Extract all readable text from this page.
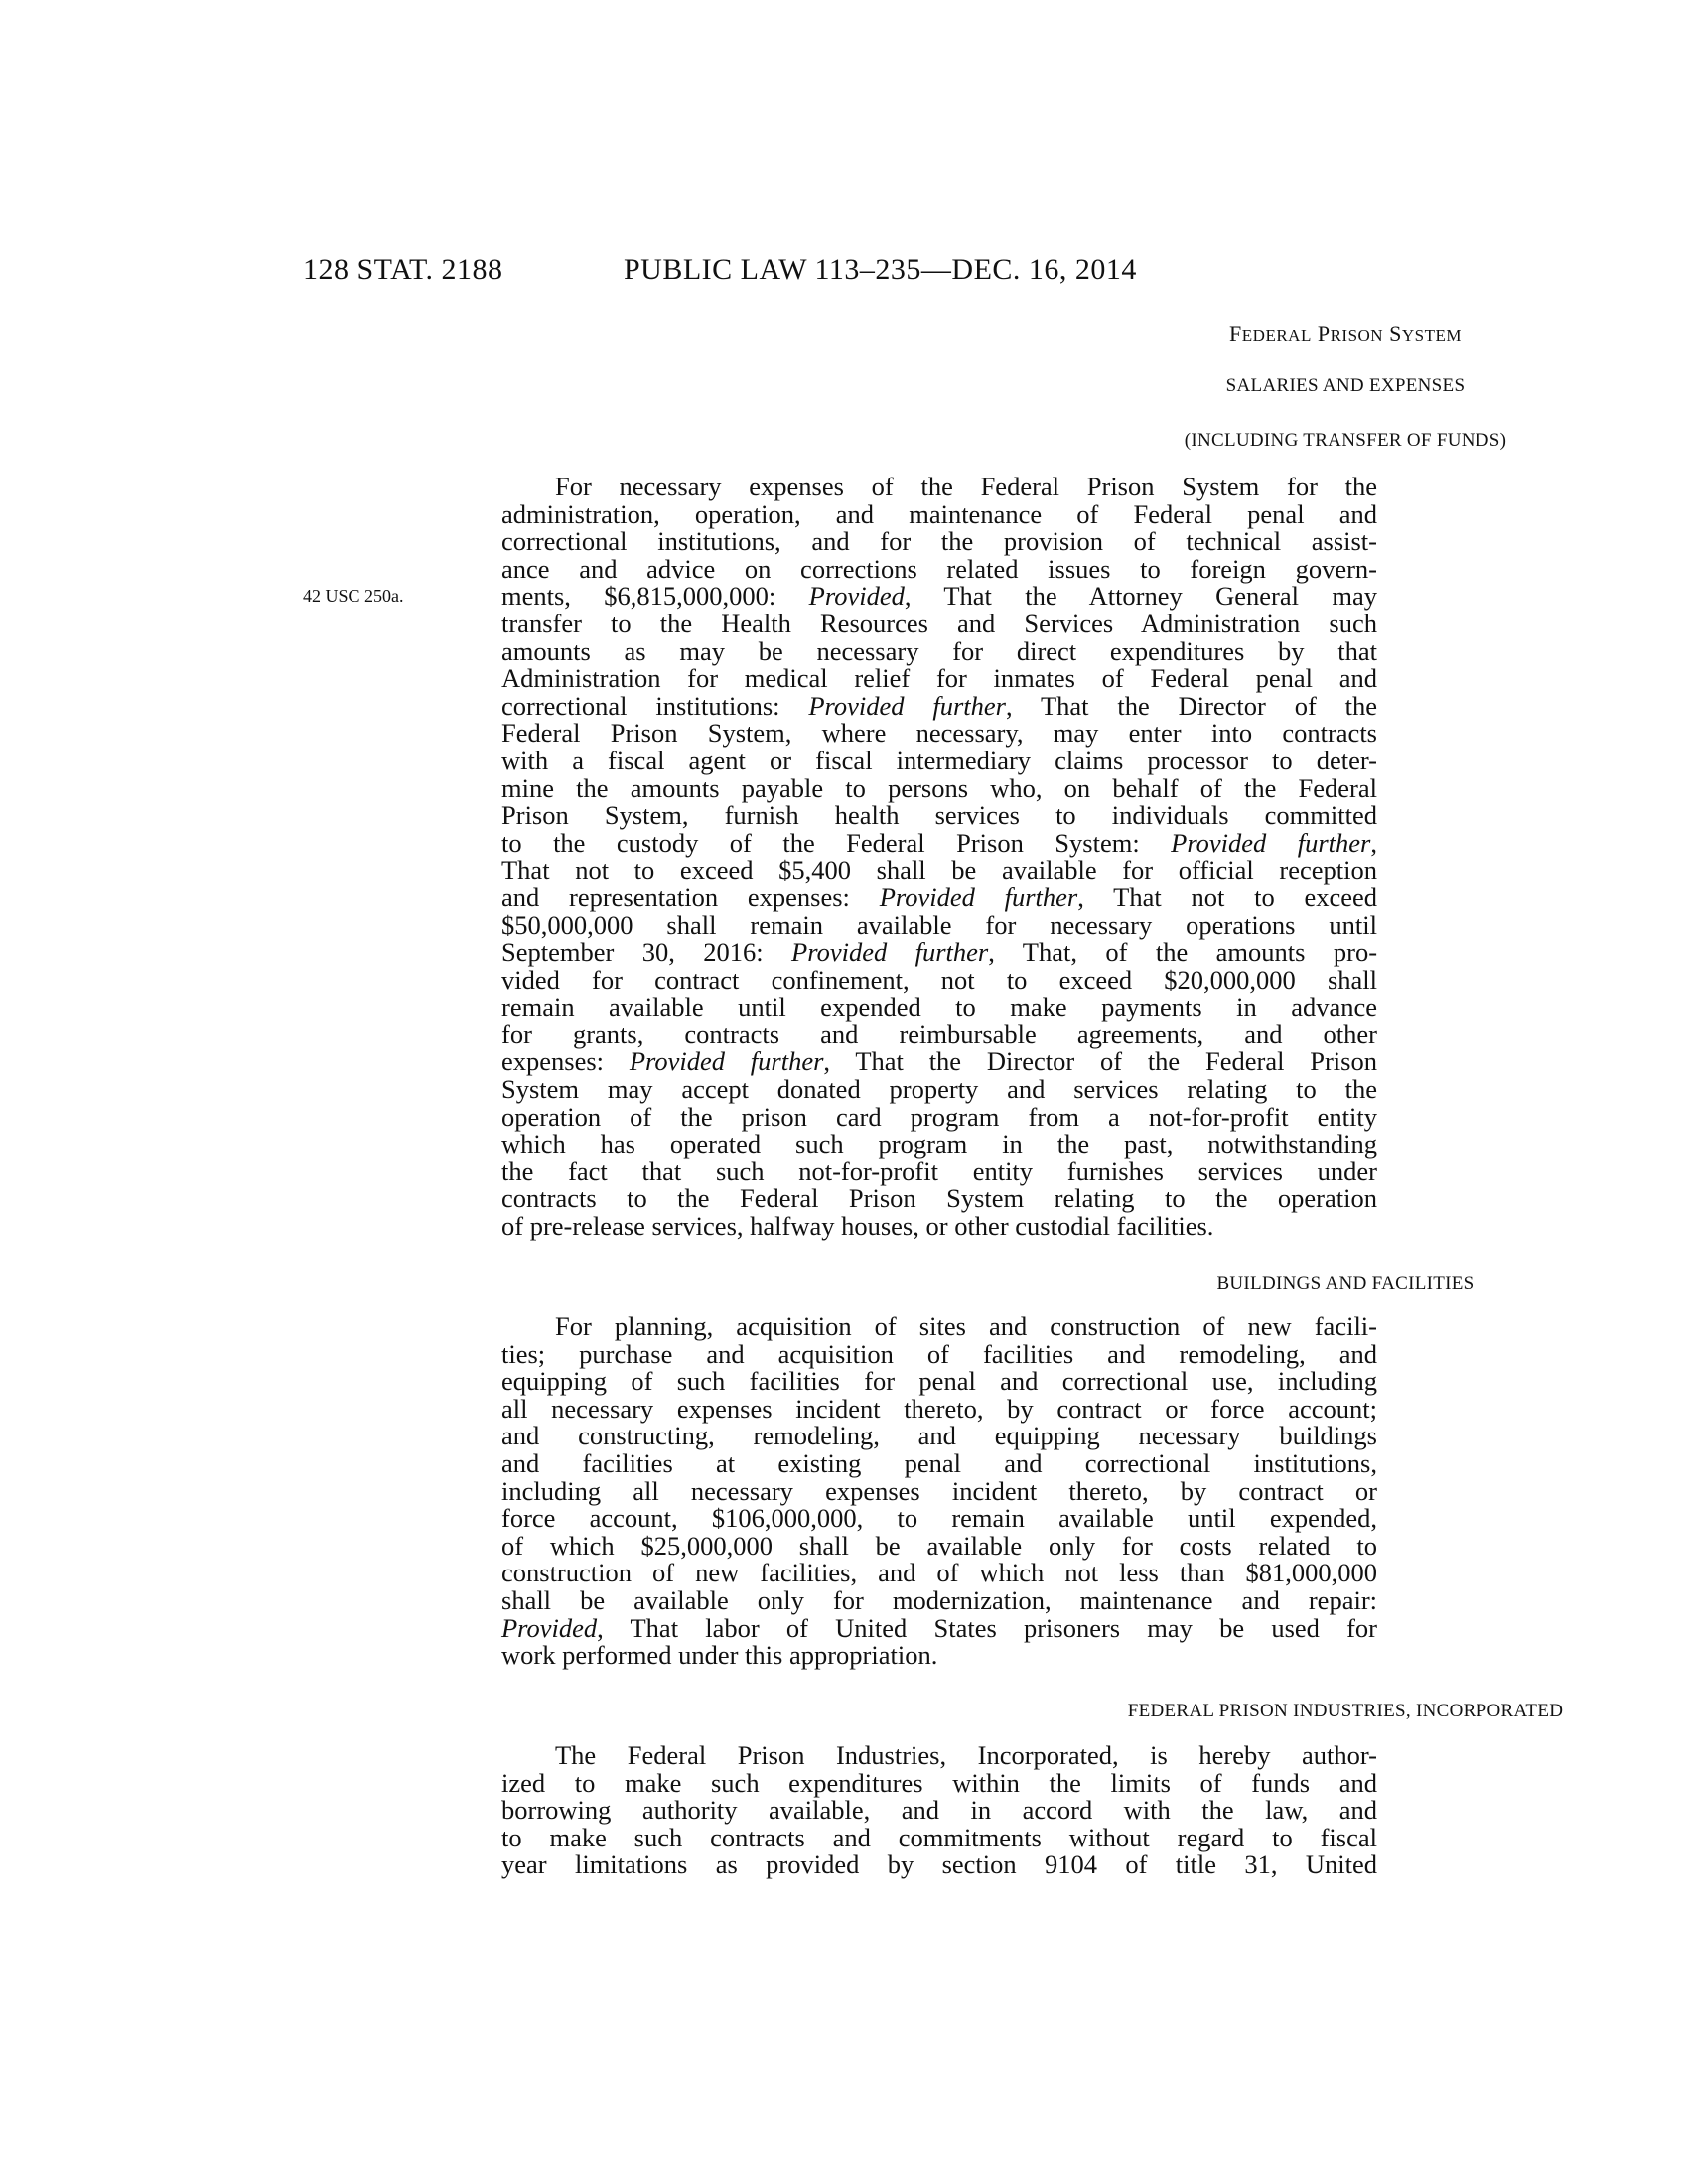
128 STAT. 2188	PUBLIC LAW 113–235—DEC. 16, 2014
42 USC 250a.
FEDERAL PRISON SYSTEM
SALARIES AND EXPENSES
(INCLUDING TRANSFER OF FUNDS)
For necessary expenses of the Federal Prison System for the
administration, operation, and maintenance of Federal penal and
correctional institutions, and for the provision of technical assist-
ance and advice on corrections related issues to foreign govern-
ments, $6,815,000,000: Provided, That the Attorney General may
transfer to the Health Resources and Services Administration such
amounts as may be necessary for direct expenditures by that
Administration for medical relief for inmates of Federal penal and
correctional institutions: Provided further, That the Director of the
Federal Prison System, where necessary, may enter into contracts
with a fiscal agent or fiscal intermediary claims processor to deter-
mine the amounts payable to persons who, on behalf of the Federal
Prison System, furnish health services to individuals committed
to the custody of the Federal Prison System: Provided further,
That not to exceed $5,400 shall be available for official reception
and representation expenses: Provided further, That not to exceed
$50,000,000 shall remain available for necessary operations until
September 30, 2016: Provided further, That, of the amounts pro-
vided for contract confinement, not to exceed $20,000,000 shall
remain available until expended to make payments in advance
for grants, contracts and reimbursable agreements, and other
expenses: Provided further, That the Director of the Federal Prison
System may accept donated property and services relating to the
operation of the prison card program from a not-for-profit entity
which has operated such program in the past, notwithstanding
the fact that such not-for-profit entity furnishes services under
contracts to the Federal Prison System relating to the operation
of pre-release services, halfway houses, or other custodial facilities.
BUILDINGS AND FACILITIES
For planning, acquisition of sites and construction of new facili-
ties; purchase and acquisition of facilities and remodeling, and
equipping of such facilities for penal and correctional use, including
all necessary expenses incident thereto, by contract or force account;
and constructing, remodeling, and equipping necessary buildings
and facilities at existing penal and correctional institutions,
including all necessary expenses incident thereto, by contract or
force account, $106,000,000, to remain available until expended,
of which $25,000,000 shall be available only for costs related to
construction of new facilities, and of which not less than $81,000,000
shall be available only for modernization, maintenance and repair:
Provided, That labor of United States prisoners may be used for
work performed under this appropriation.
FEDERAL PRISON INDUSTRIES, INCORPORATED
The Federal Prison Industries, Incorporated, is hereby author-
ized to make such expenditures within the limits of funds and
borrowing authority available, and in accord with the law, and
to make such contracts and commitments without regard to fiscal
year limitations as provided by section 9104 of title 31, United
